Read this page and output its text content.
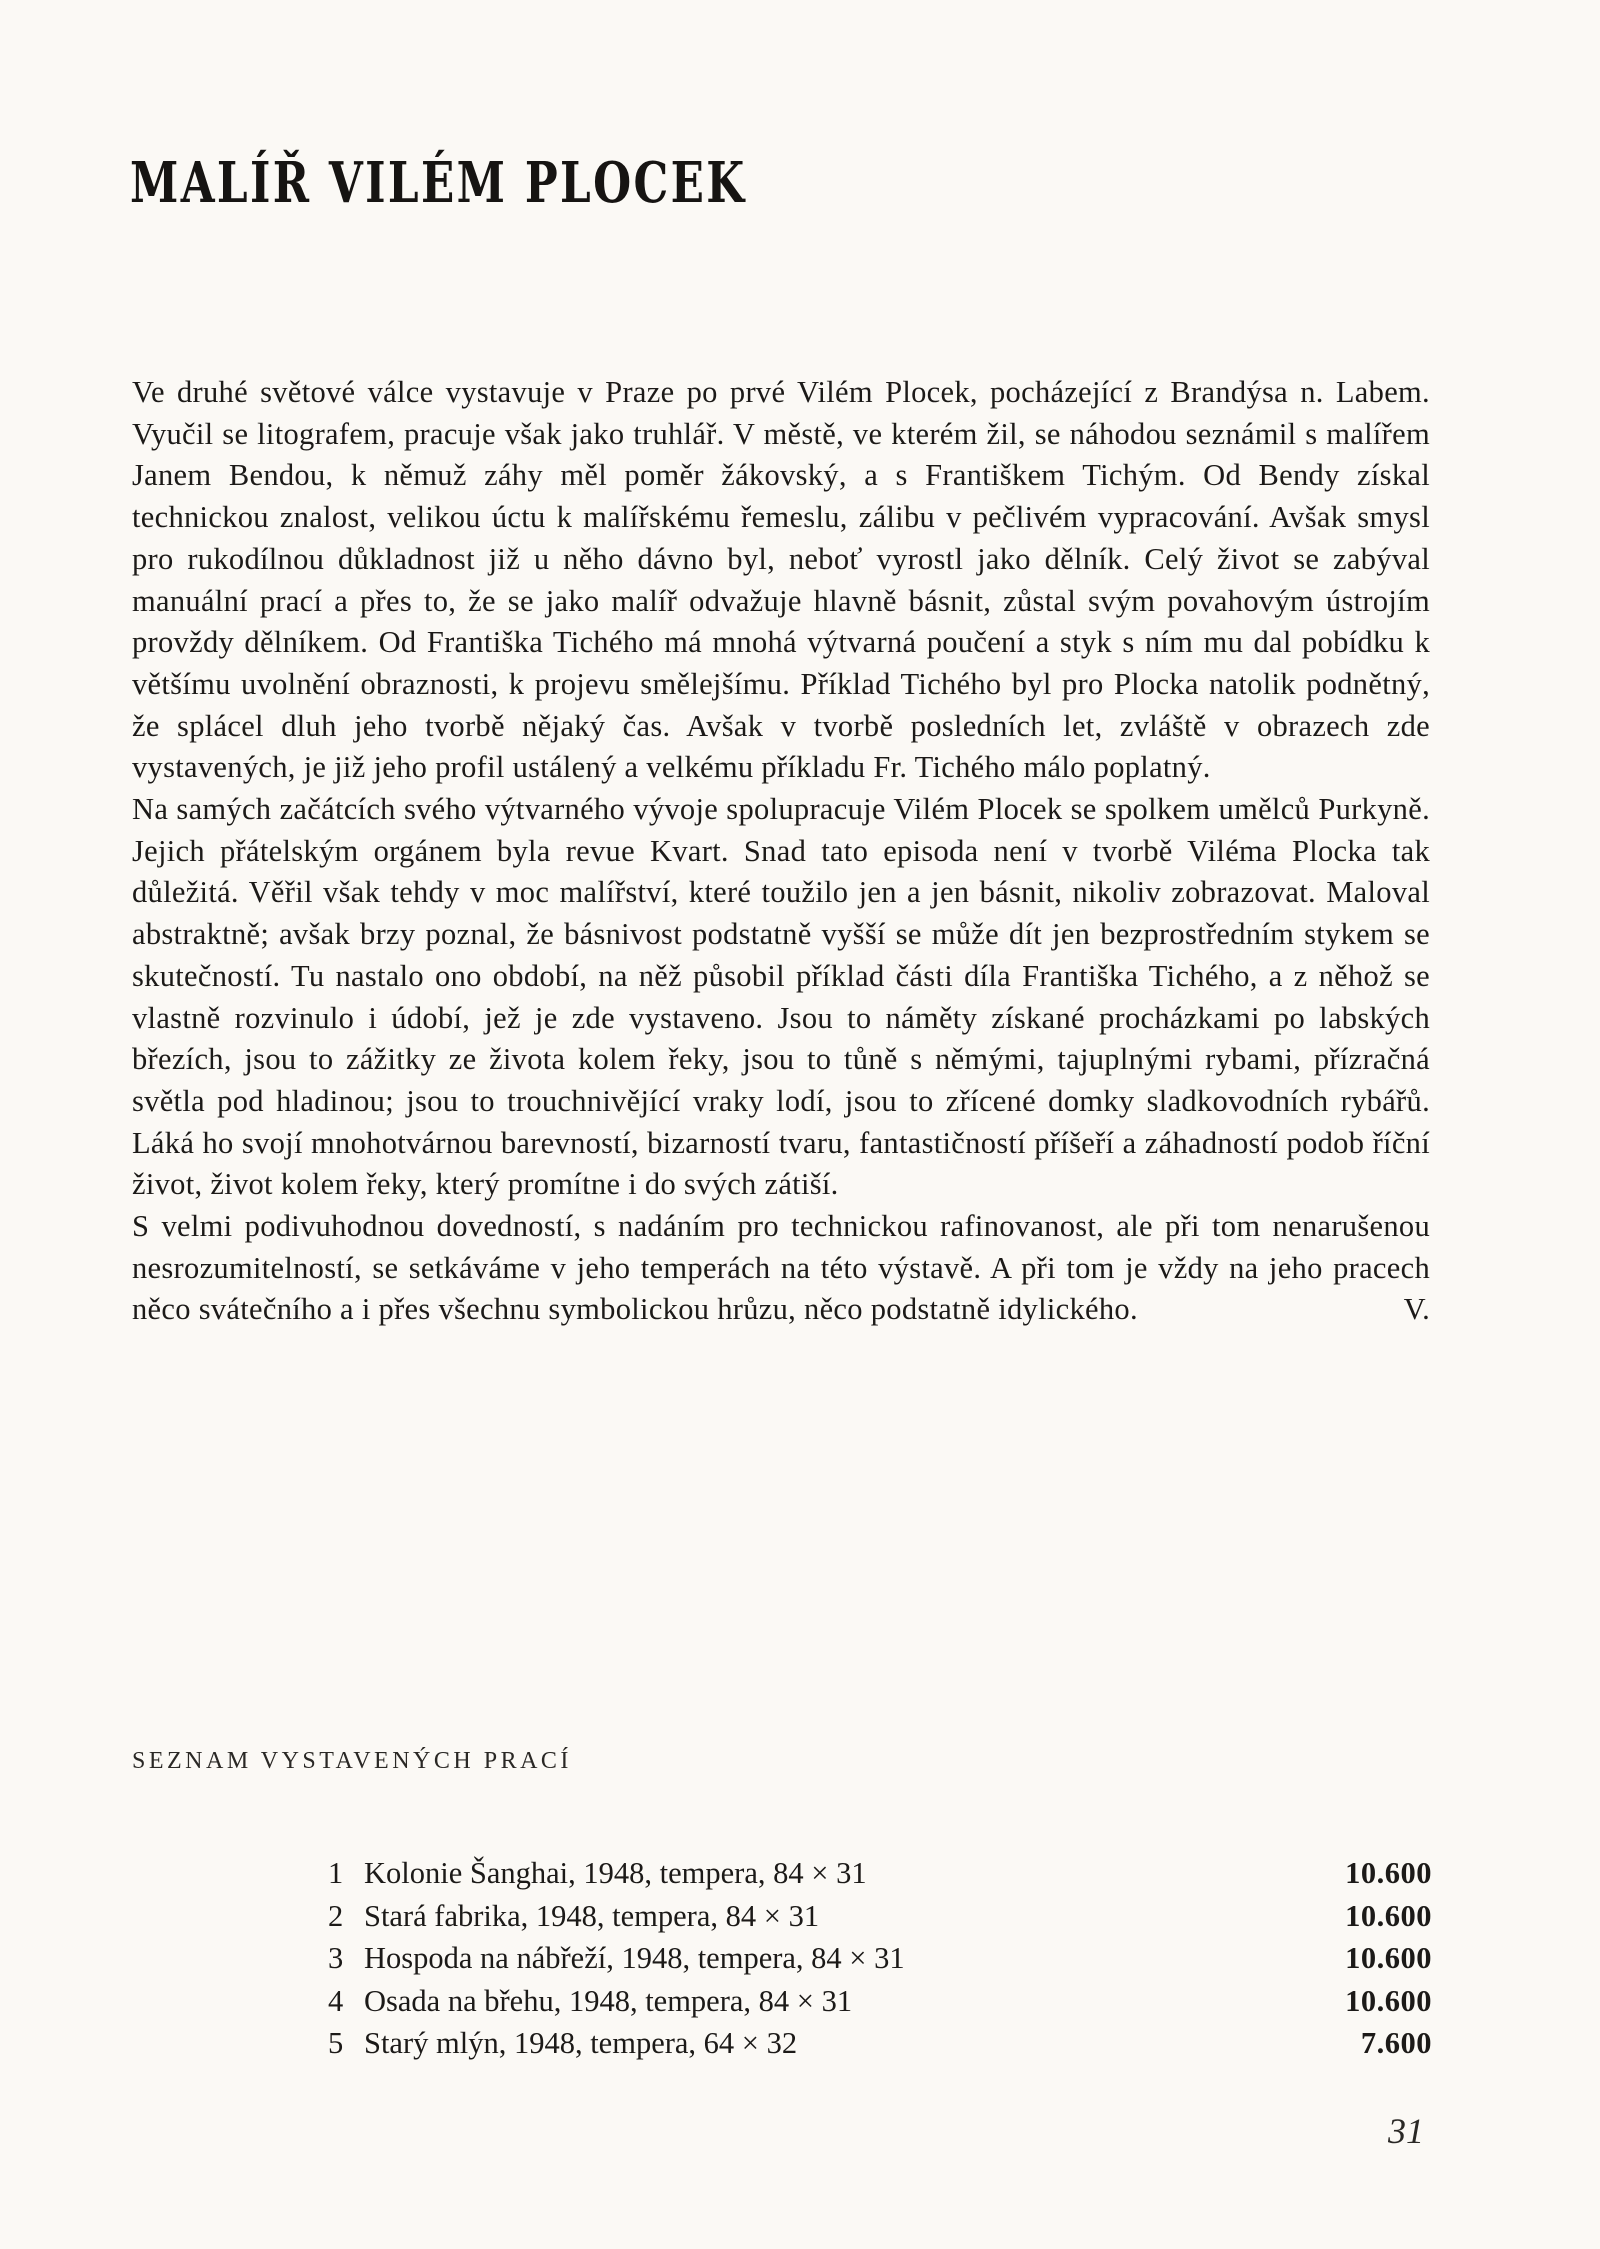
MALÍŘ VILÉM PLOCEK

Ve druhé světové válce vystavuje v Praze po prvé Vilém Plocek, pocházející z Brandýsa n. Labem. Vyučil se litografem, pracuje však jako truhlář. V městě, ve kterém žil, se náhodou seznámil s malířem Janem Bendou, k němuž záhy měl poměr žákovský, a s Františkem Tichým. Od Bendy získal technickou znalost, velikou úctu k malířskému řemeslu, zálibu v pečlivém vypracování. Avšak smysl pro rukodílnou důkladnost již u něho dávno byl, neboť vyrostl jako dělník. Celý život se zabýval manuální prací a přes to, že se jako malíř odvažuje hlavně básnit, zůstal svým povahovým ústrojím provždy dělníkem. Od Františka Tichého má mnohá výtvarná poučení a styk s ním mu dal pobídku k většímu uvolnění obraznosti, k projevu smělejšímu. Příklad Tichého byl pro Plocka natolik podnětný, že splácel dluh jeho tvorbě nějaký čas. Avšak v tvorbě posledních let, zvláště v obrazech zde vystavených, je již jeho profil ustálený a velkému příkladu Fr. Tichého málo poplatný.

Na samých začátcích svého výtvarného vývoje spolupracuje Vilém Plocek se spolkem umělců Purkyně. Jejich přátelským orgánem byla revue Kvart. Snad tato episoda není v tvorbě Viléma Plocka tak důležitá. Věřil však tehdy v moc malířství, které toužilo jen a jen básnit, nikoliv zobrazovat. Maloval abstraktně; avšak brzy poznal, že básnivost podstatně vyšší se může dít jen bezprostředním stykem se skutečností. Tu nastalo ono období, na něž působil příklad části díla Františka Tichého, a z něhož se vlastně rozvinulo i údobí, jež je zde vystaveno. Jsou to náměty získané procházkami po labských březích, jsou to zážitky ze života kolem řeky, jsou to tůně s němými, tajuplnými rybami, přízračná světla pod hladinou; jsou to trouchnivějící vraky lodí, jsou to zřícené domky sladkovodních rybářů. Láká ho svojí mnohotvárnou barevností, bizarností tvaru, fantastičností příšeří a záhadností podob říční život, život kolem řeky, který promítne i do svých zátiší.

S velmi podivuhodnou dovedností, s nadáním pro technickou rafinovanost, ale při tom nenarušenou nesrozumitelností, se setkáváme v jeho temperách na této výstavě. A při tom je vždy na jeho pracech něco svátečního a i přes všechnu symbolickou hrůzu, něco podstatně idylického.	V.
SEZNAM VYSTAVENÝCH PRACÍ
1 Kolonie Šanghai, 1948, tempera, 84 × 31	10.600
2 Stará fabrika, 1948, tempera, 84 × 31	10.600
3 Hospoda na nábřeží, 1948, tempera, 84 × 31	10.600
4 Osada na břehu, 1948, tempera, 84 × 31	10.600
5 Starý mlýn, 1948, tempera, 64 × 32	7.600
31
